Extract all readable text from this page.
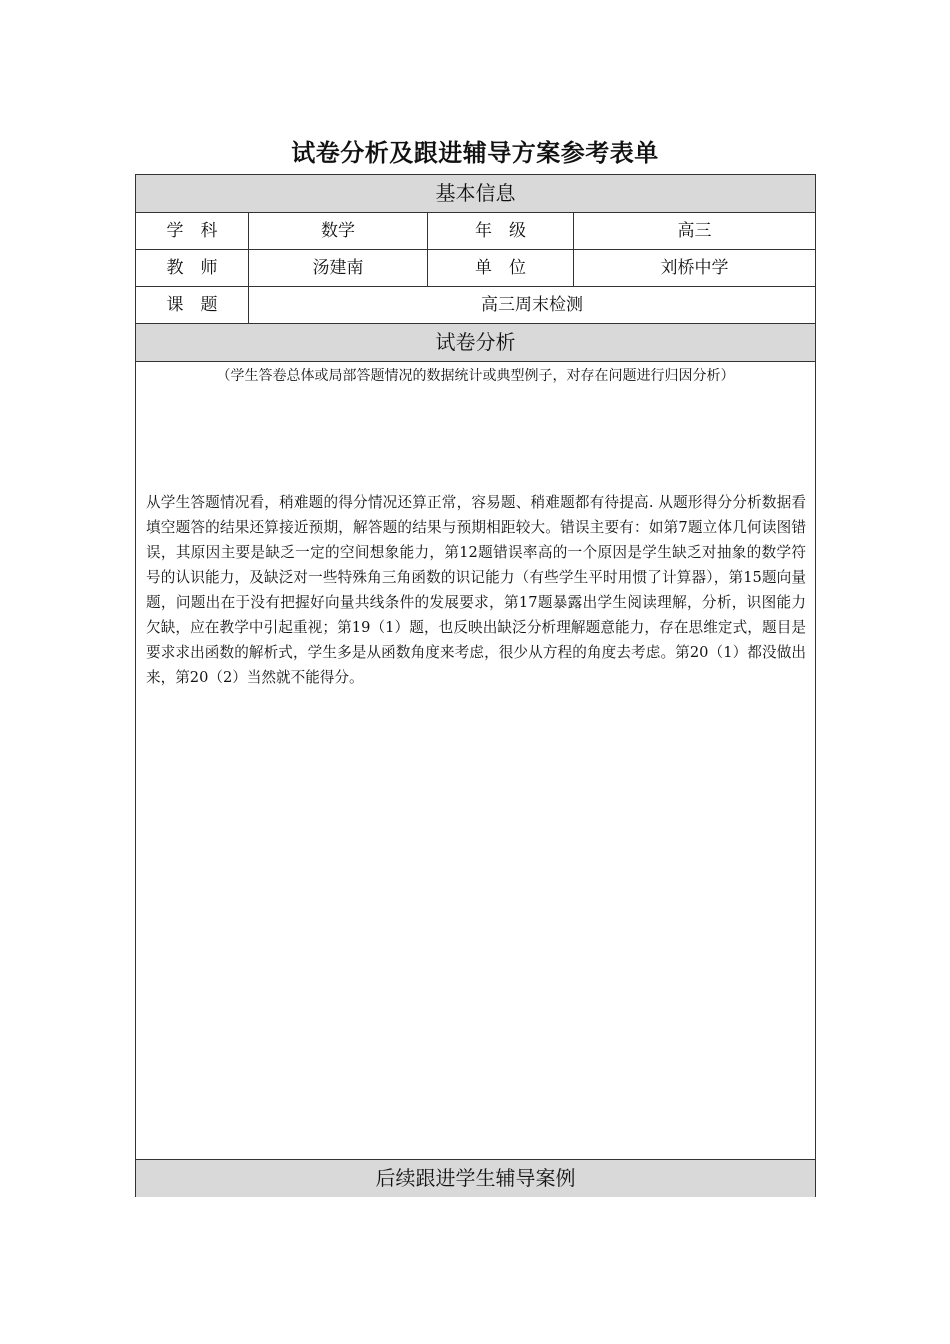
试卷分析及跟进辅导方案参考表单
基本信息
学　科	数学	年　级	高三
教　师	汤建南	单　位	刘桥中学
课　题	高三周末检测
试卷分析
（学生答卷总体或局部答题情况的数据统计或典型例子，对存在问题进行归因分析）

从学生答题情况看，稍难题的得分情况还算正常，容易题、稍难题都有待提高. 从题形得分分析数据看填空题答的结果还算接近预期，解答题的结果与预期相距较大。错误主要有：如第7题立体几何读图错误，其原因主要是缺乏一定的空间想象能力，第12题错误率高的一个原因是学生缺乏对抽象的数学符号的认识能力，及缺泛对一些特殊角三角函数的识记能力（有些学生平时用惯了计算器），第15题向量题，问题出在于没有把握好向量共线条件的发展要求，第17题暴露出学生阅读理解，分析，识图能力欠缺，应在教学中引起重视；第19（1）题，也反映出缺泛分析理解题意能力，存在思维定式，题目是要求求出函数的解析式，学生多是从函数角度来考虑，很少从方程的角度去考虑。第20（1）都没做出来，第20（2）当然就不能得分。

后续跟进学生辅导案例
